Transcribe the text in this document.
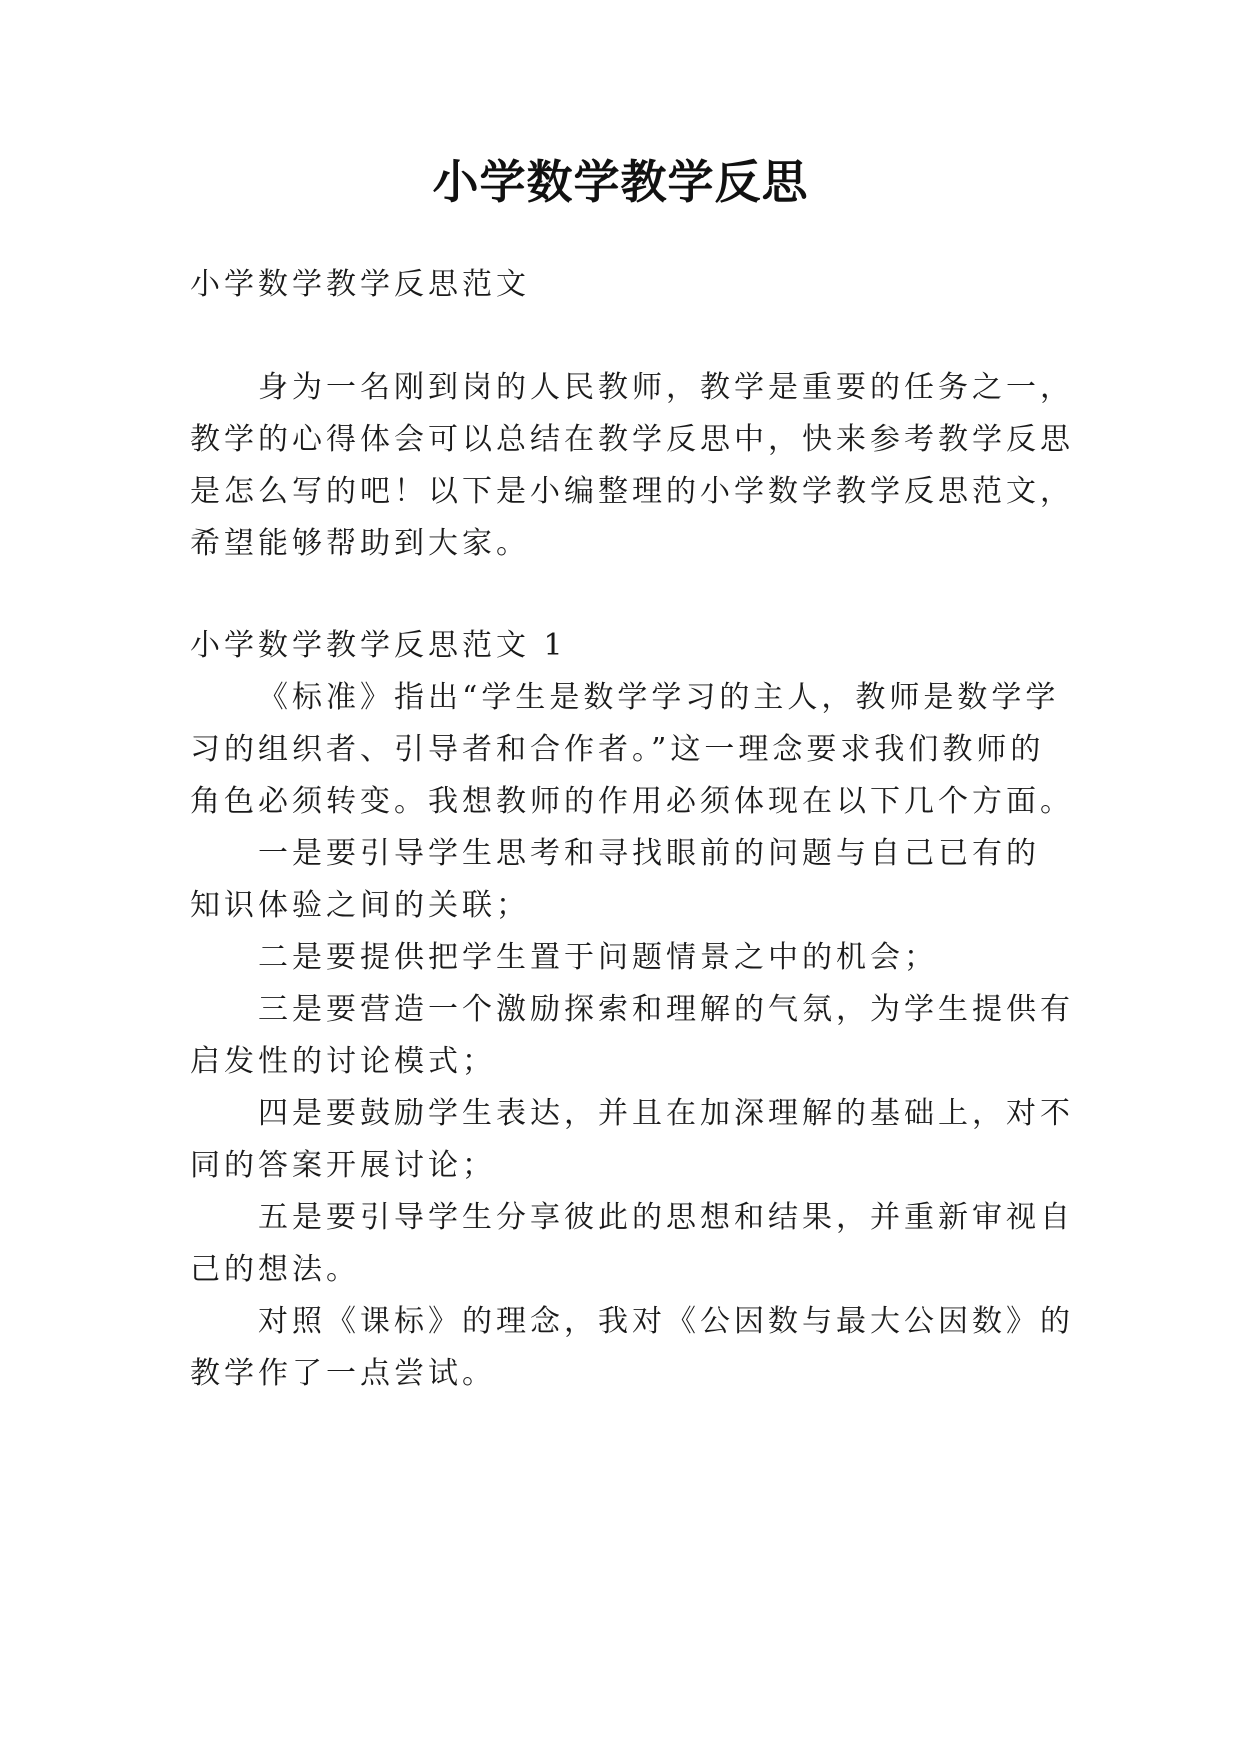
小学数学教学反思
小学数学教学反思范文
身为一名刚到岗的人民教师，教学是重要的任务之一，
教学的心得体会可以总结在教学反思中，快来参考教学反思
是怎么写的吧！以下是小编整理的小学数学教学反思范文，
希望能够帮助到大家。
小学数学教学反思范文 1
《标准》指出“学生是数学学习的主人，教师是数学学
习的组织者、引导者和合作者。”这一理念要求我们教师的
角色必须转变。我想教师的作用必须体现在以下几个方面。
一是要引导学生思考和寻找眼前的问题与自己已有的
知识体验之间的关联；
二是要提供把学生置于问题情景之中的机会；
三是要营造一个激励探索和理解的气氛，为学生提供有
启发性的讨论模式；
四是要鼓励学生表达，并且在加深理解的基础上，对不
同的答案开展讨论；
五是要引导学生分享彼此的思想和结果，并重新审视自
己的想法。
对照《课标》的理念，我对《公因数与最大公因数》的
教学作了一点尝试。
